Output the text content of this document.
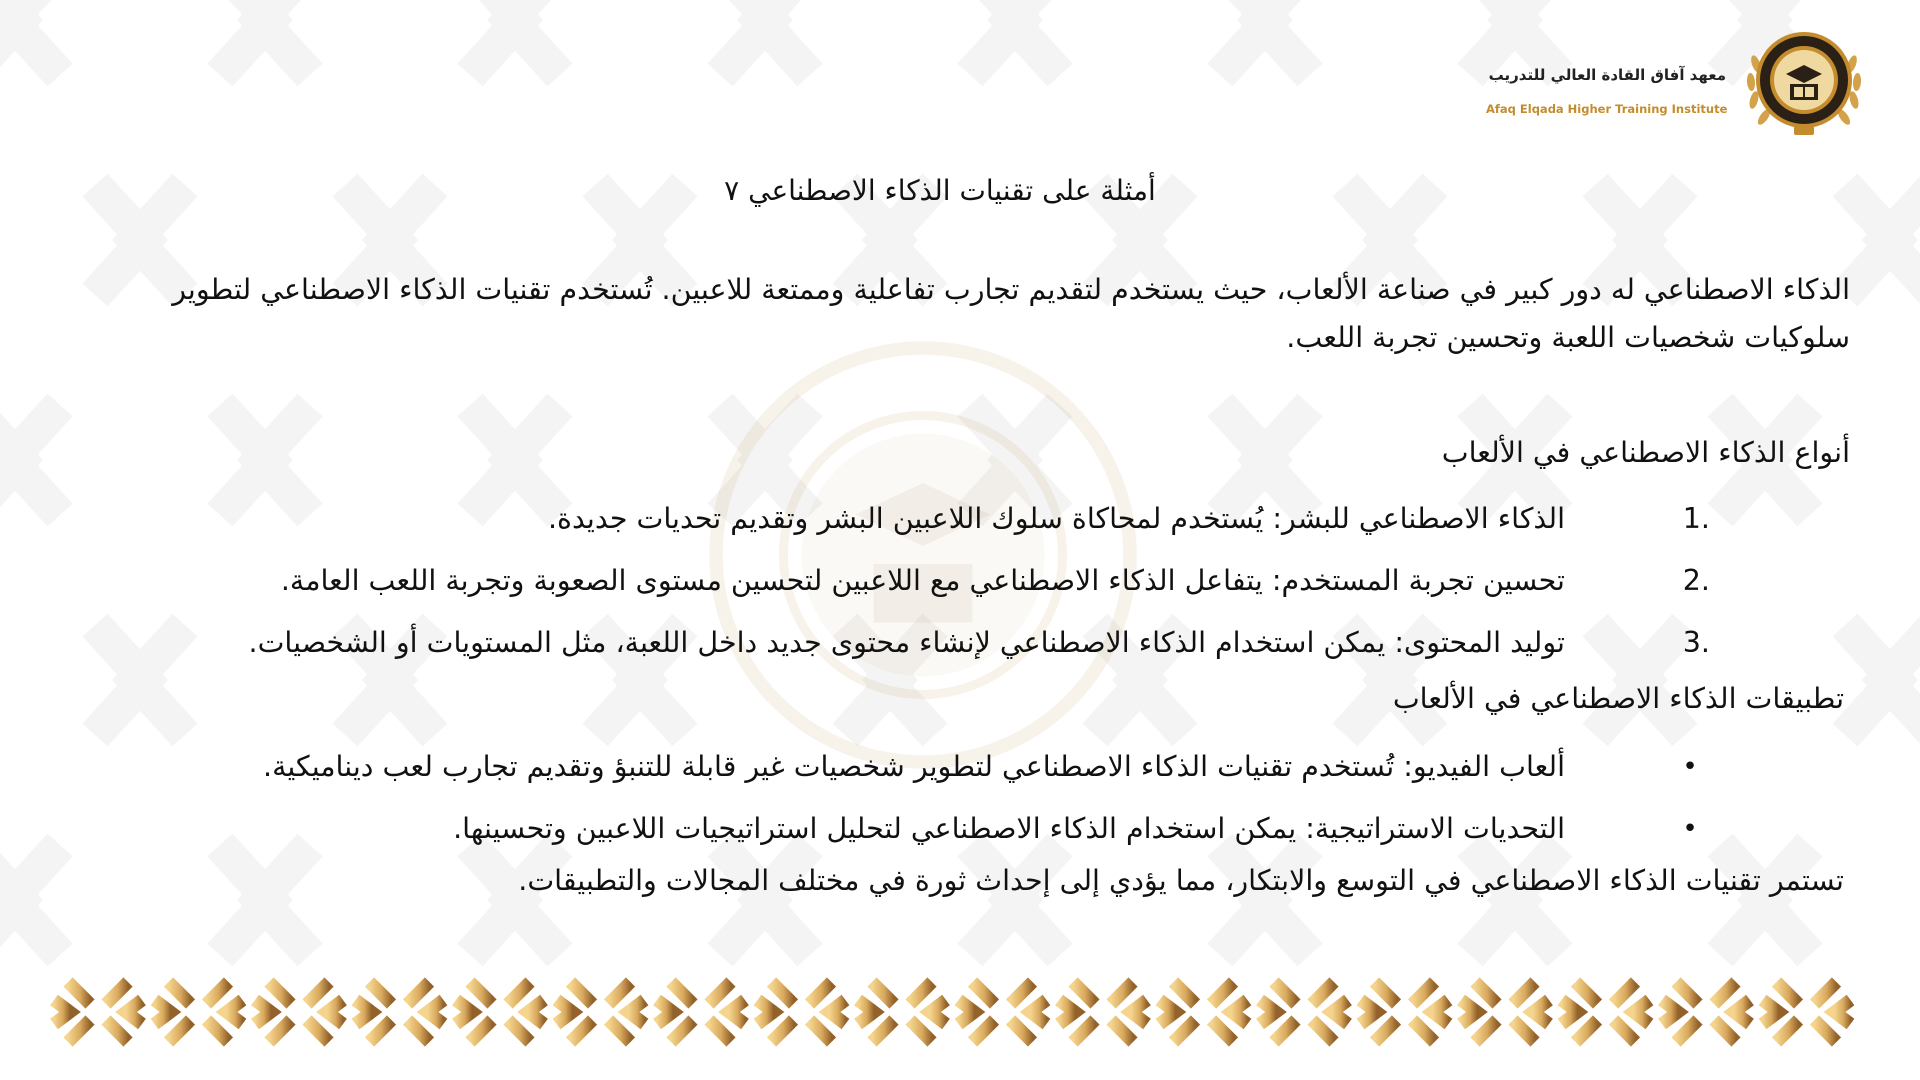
معهد آفاق القادة العالي للتدريب
Afaq Elqada Higher Training Institute
أمثلة على تقنيات الذكاء الاصطناعي ٧

الذكاء الاصطناعي له دور كبير في صناعة الألعاب، حيث يستخدم لتقديم تجارب تفاعلية وممتعة للاعبين. تُستخدم تقنيات الذكاء الاصطناعي لتطوير سلوكيات شخصيات اللعبة وتحسين تجربة اللعب.

أنواع الذكاء الاصطناعي في الألعاب

1.
الذكاء الاصطناعي للبشر: يُستخدم لمحاكاة سلوك اللاعبين البشر وتقديم تحديات جديدة.
2.
تحسين تجربة المستخدم: يتفاعل الذكاء الاصطناعي مع اللاعبين لتحسين مستوى الصعوبة وتجربة اللعب العامة.
3.
توليد المحتوى: يمكن استخدام الذكاء الاصطناعي لإنشاء محتوى جديد داخل اللعبة، مثل المستويات أو الشخصيات.

تطبيقات الذكاء الاصطناعي في الألعاب

•
ألعاب الفيديو: تُستخدم تقنيات الذكاء الاصطناعي لتطوير شخصيات غير قابلة للتنبؤ وتقديم تجارب لعب ديناميكية.
•
التحديات الاستراتيجية: يمكن استخدام الذكاء الاصطناعي لتحليل استراتيجيات اللاعبين وتحسينها.

تستمر تقنيات الذكاء الاصطناعي في التوسع والابتكار، مما يؤدي إلى إحداث ثورة في مختلف المجالات والتطبيقات.
